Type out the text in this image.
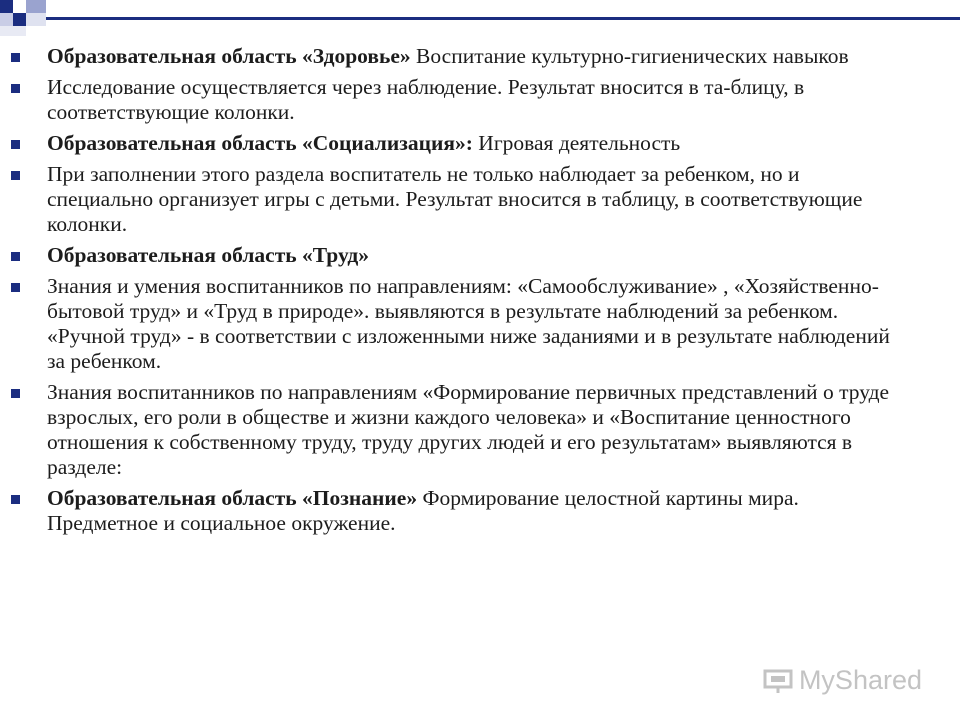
Образовательная область «Здоровье» Воспитание культурно-гигиенических навыков
Исследование осуществляется через наблюдение. Результат вносится в та-блицу, в соответствующие колонки.
Образовательная область «Социализация»: Игровая деятельность
При заполнении этого раздела воспитатель не только наблюдает за ребенком, но и специально организует игры с детьми. Результат вносится в таблицу, в соответствующие колонки.
Образовательная область «Труд»
Знания и умения воспитанников по направлениям: «Самообслуживание» , «Хозяйственно-бытовой труд» и «Труд в природе». выявляются в результате наблюдений за ребенком. «Ручной труд» - в соответствии с изложенными ниже заданиями и в результате наблюдений за ребенком.
Знания воспитанников по направлениям «Формирование первичных представлений о труде взрослых, его роли в обществе и жизни каждого человека» и «Воспитание ценностного отношения к собственному труду, труду других людей и его результатам» выявляются в разделе:
Образовательная область «Познание» Формирование целостной картины мира. Предметное и социальное окружение.
MyShared
